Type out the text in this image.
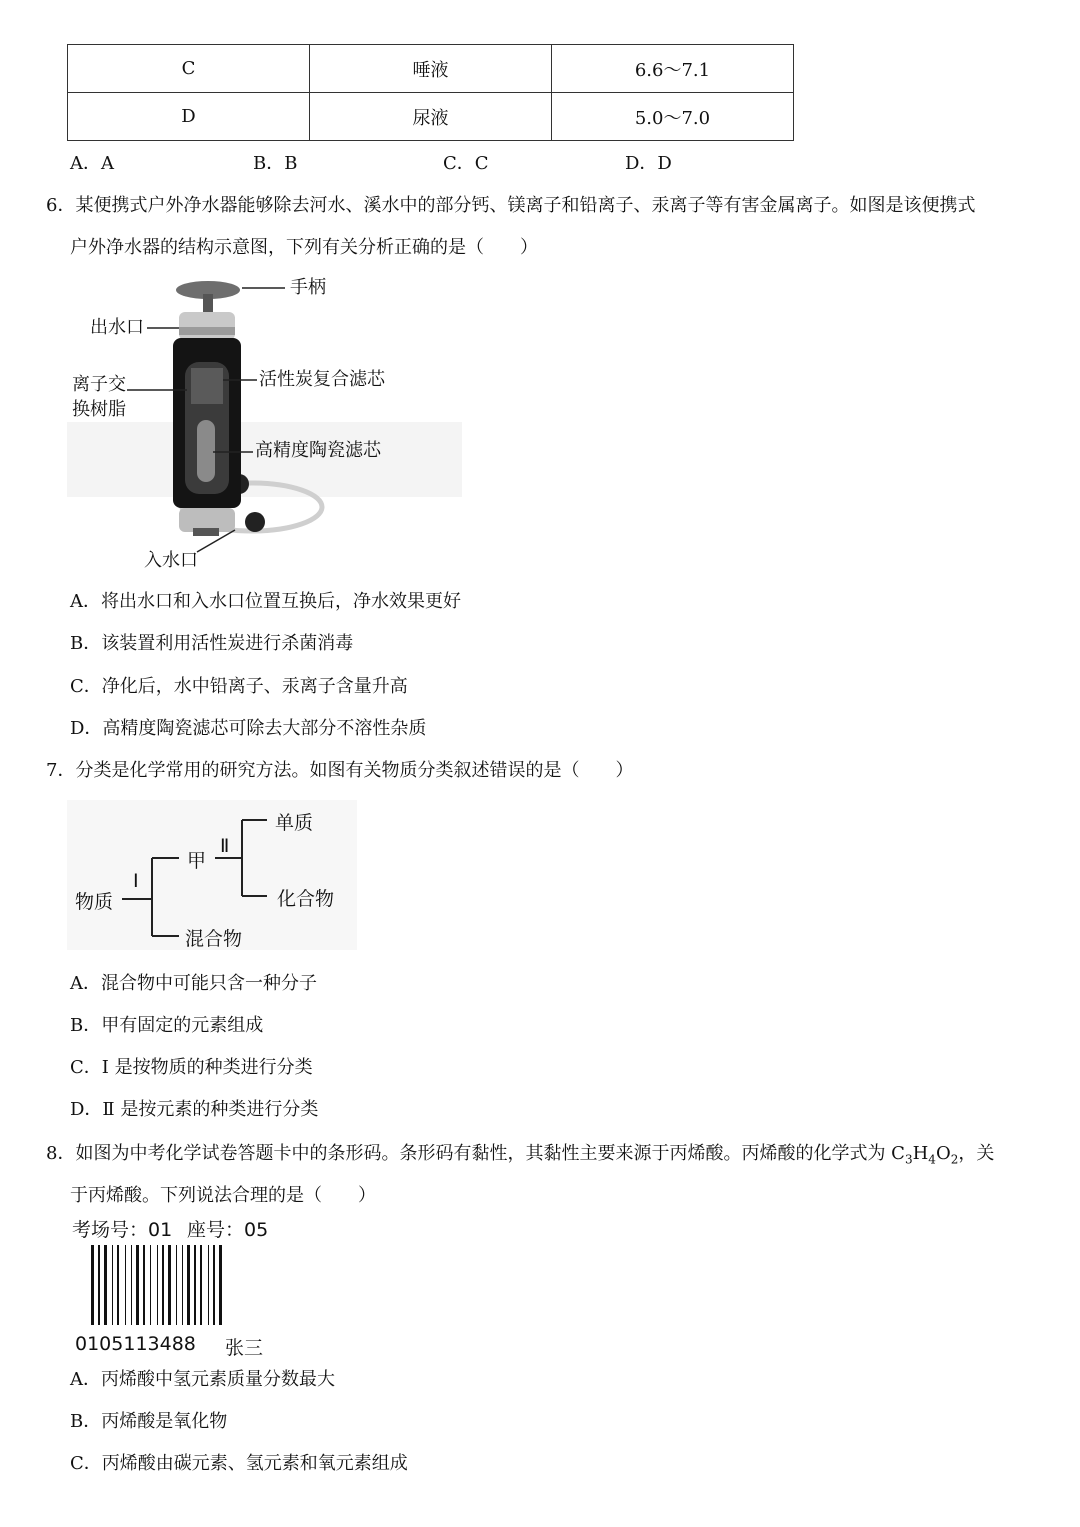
C	唾液	6.6～7.1
D	尿液	5.0～7.0
A．A	B．B	C．C	D．D
6．某便携式户外净水器能够除去河水、溪水中的部分钙、镁离子和铅离子、汞离子等有害金属离子。如图是该便携式
户外净水器的结构示意图，下列有关分析正确的是（　　）
手柄
出水口
离子交
换树脂
活性炭复合滤芯
高精度陶瓷滤芯
入水口
A．将出水口和入水口位置互换后，净水效果更好
B．该装置利用活性炭进行杀菌消毒
C．净化后，水中铅离子、汞离子含量升高
D．高精度陶瓷滤芯可除去大部分不溶性杂质
7．分类是化学常用的研究方法。如图有关物质分类叙述错误的是（　　）
物质
Ⅰ
甲
Ⅱ
单质
化合物
混合物
A．混合物中可能只含一种分子
B．甲有固定的元素组成
C．Ⅰ 是按物质的种类进行分类
D．Ⅱ 是按元素的种类进行分类
8．如图为中考化学试卷答题卡中的条形码。条形码有黏性，其黏性主要来源于丙烯酸。丙烯酸的化学式为 $C_3H_4O_2$，关
于丙烯酸。下列说法合理的是（　　）
考场号：01 座号：05
0105113488 张三
A．丙烯酸中氢元素质量分数最大
B．丙烯酸是氧化物
C．丙烯酸由碳元素、氢元素和氧元素组成
